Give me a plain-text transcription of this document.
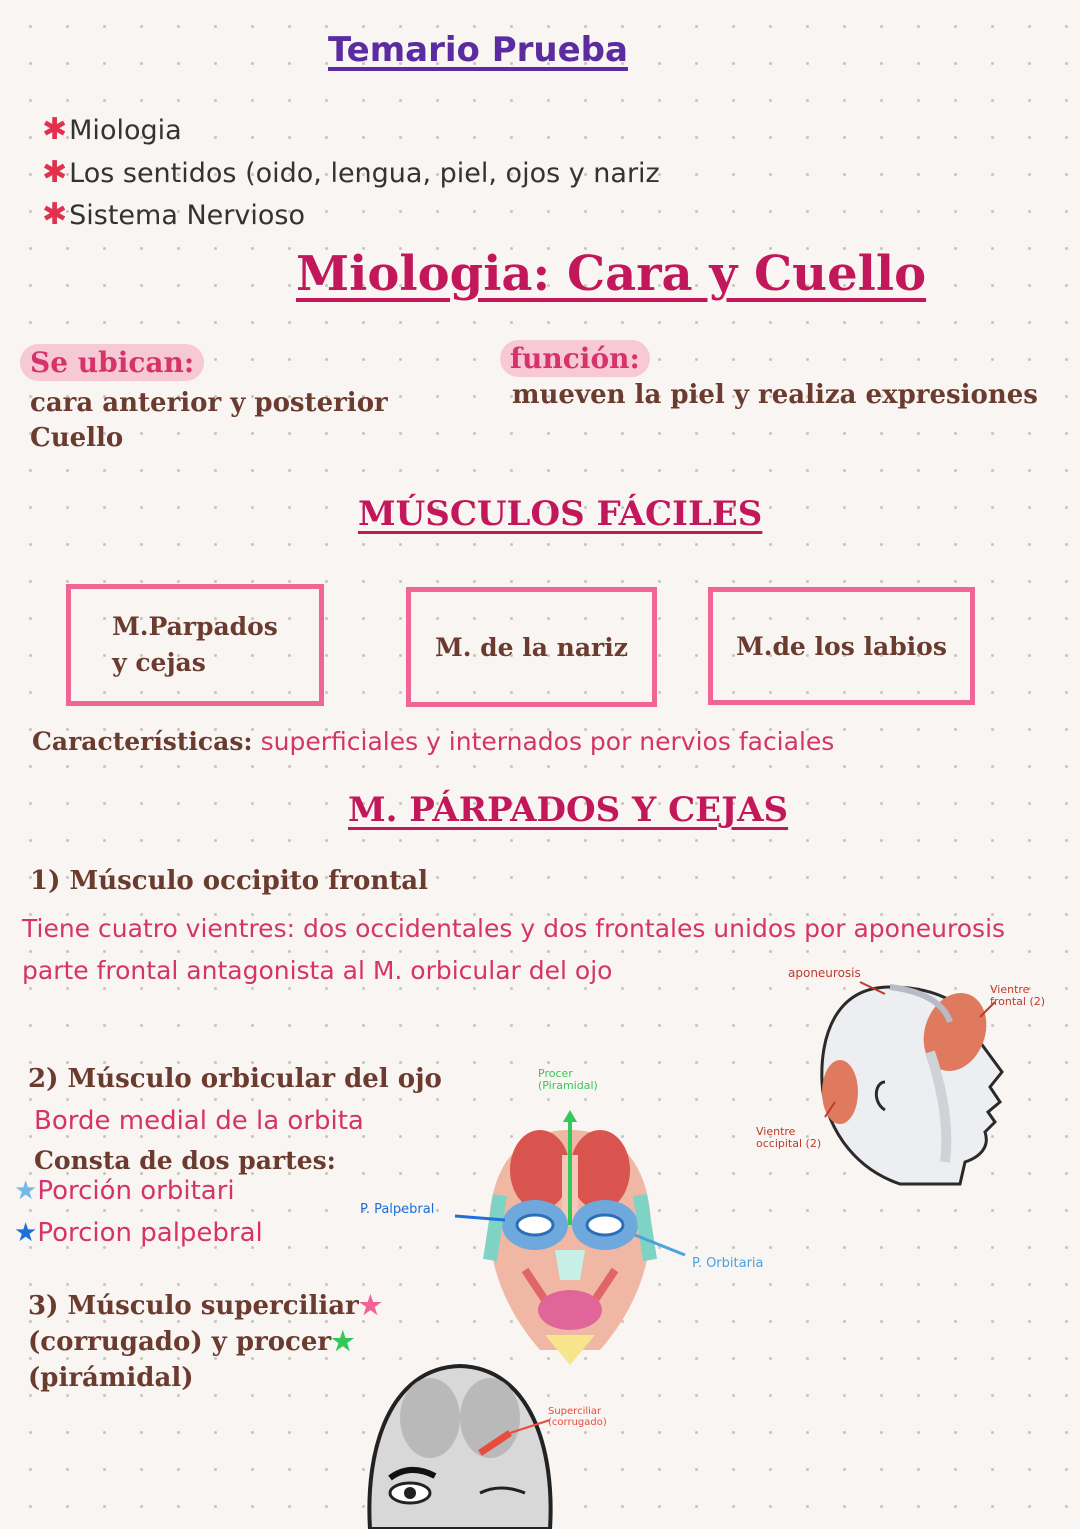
Temario Prueba
✱Miologia
✱Los sentidos (oido, lengua, piel, ojos y nariz
✱Sistema Nervioso
Miologia: Cara y Cuello
Se ubican:
cara anterior y posterior
Cuello
función:
mueven la piel y realiza expresiones
MÚSCULOS FÁCILES
M.Parpados
y cejas
M. de la nariz	M.de los labios
Características: superficiales y internados por nervios faciales
M. PÁRPADOS Y CEJAS
1) Músculo occipito frontal
Tiene cuatro vientres: dos occidentales y dos frontales unidos por aponeurosis
parte frontal antagonista al M. orbicular del ojo
2) Músculo orbicular del ojo
Borde medial de la orbita
Consta de dos partes:
★Porción orbitari
★Porcion palpebral
3) Músculo superciliar★
(corrugado) y procer★
(pirámidal)
aponeurosis
Vientre
frontal (2)
Vientre
occipital (2)
Procer
(Piramidal)
P. Palpebral
P. Orbitaria
Superciliar
(corrugado)
